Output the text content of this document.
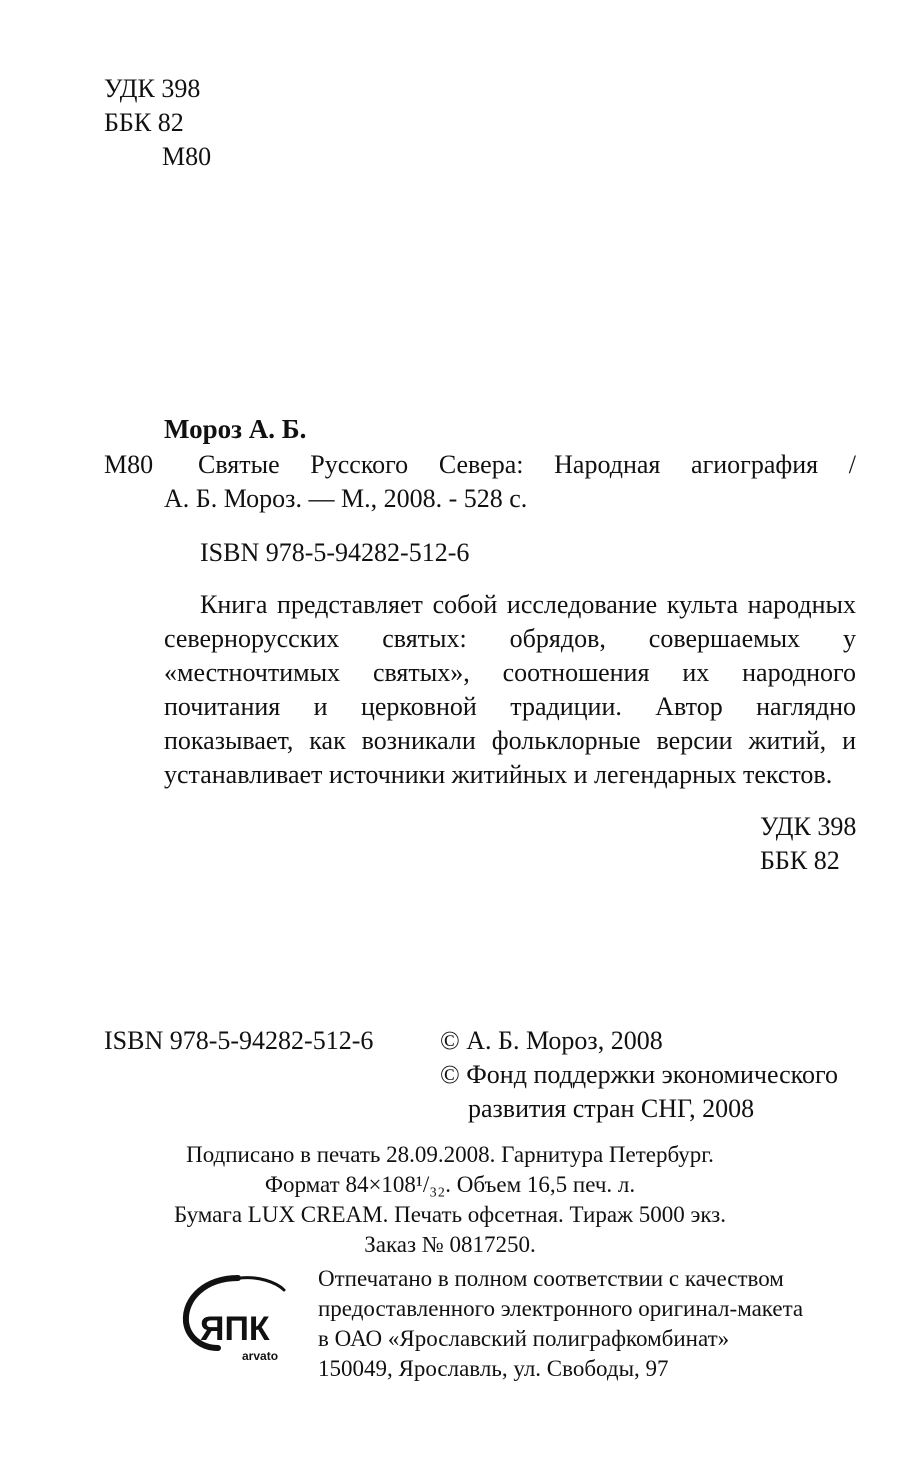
УДК 398
ББК 82
М80
Мороз А. Б.
М80 Святые Русского Севера: Народная агиография /
А. Б. Мороз. — М., 2008. - 528 с.
ISBN 978-5-94282-512-6

Книга представляет собой исследование культа народных севернорусских святых: обрядов, совершаемых у «местночтимых святых», соотношения их народного почитания и церковной традиции. Автор наглядно показывает, как возникали фольклорные версии житий, и устанавливает источники житийных и легендарных текстов.

УДК 398
ББК 82
ISBN 978-5-94282-512-6	© А. Б. Мороз, 2008
© Фонд поддержки экономического
развития стран СНГ, 2008
Подписано в печать 28.09.2008. Гарнитура Петербург.
Формат 84×108¹/₃₂. Объем 16,5 печ. л.
Бумага LUX CREAM. Печать офсетная. Тираж 5000 экз.
Заказ № 0817250.
ЯПК
arvato
Отпечатано в полном соответствии с качеством
предоставленного электронного оригинал-макета
в ОАО «Ярославский полиграфкомбинат»
150049, Ярославль, ул. Свободы, 97
